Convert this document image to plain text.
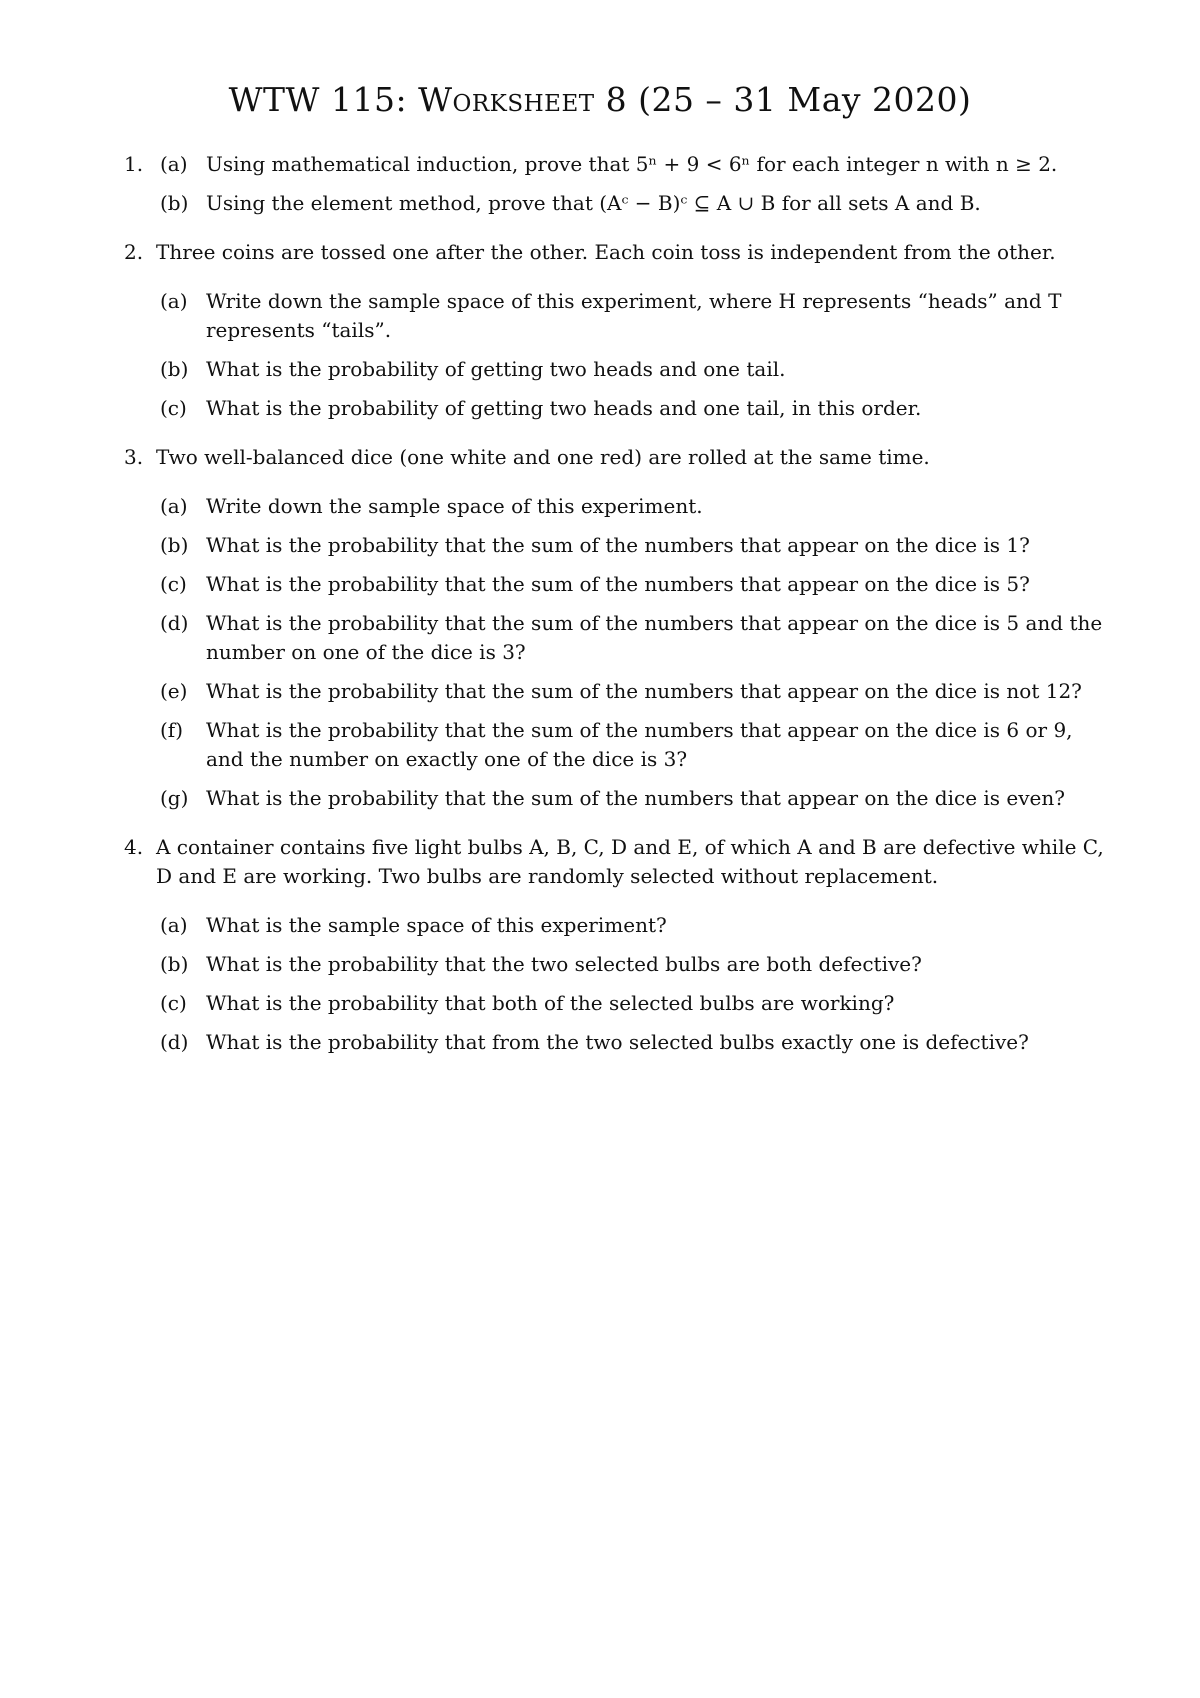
WTW 115: Worksheet 8 (25 – 31 May 2020)
1. (a) Using mathematical induction, prove that 5ⁿ + 9 < 6ⁿ for each integer n with n ≥ 2.
(b) Using the element method, prove that (Aᶜ − B)ᶜ ⊆ A ∪ B for all sets A and B.
2. Three coins are tossed one after the other. Each coin toss is independent from the other.
(a) Write down the sample space of this experiment, where H represents “heads” and T represents “tails”.
(b) What is the probability of getting two heads and one tail.
(c) What is the probability of getting two heads and one tail, in this order.
3. Two well-balanced dice (one white and one red) are rolled at the same time.
(a) Write down the sample space of this experiment.
(b) What is the probability that the sum of the numbers that appear on the dice is 1?
(c) What is the probability that the sum of the numbers that appear on the dice is 5?
(d) What is the probability that the sum of the numbers that appear on the dice is 5 and the number on one of the dice is 3?
(e) What is the probability that the sum of the numbers that appear on the dice is not 12?
(f)	What is the probability that the sum of the numbers that appear on the dice is 6 or 9, and the number on exactly one of the dice is 3?
(g) What is the probability that the sum of the numbers that appear on the dice is even?
4. A container contains five light bulbs A, B, C, D and E, of which A and B are defective while C, D and E are working. Two bulbs are randomly selected without replacement.
(a) What is the sample space of this experiment?
(b) What is the probability that the two selected bulbs are both defective?
(c) What is the probability that both of the selected bulbs are working?
(d) What is the probability that from the two selected bulbs exactly one is defective?
